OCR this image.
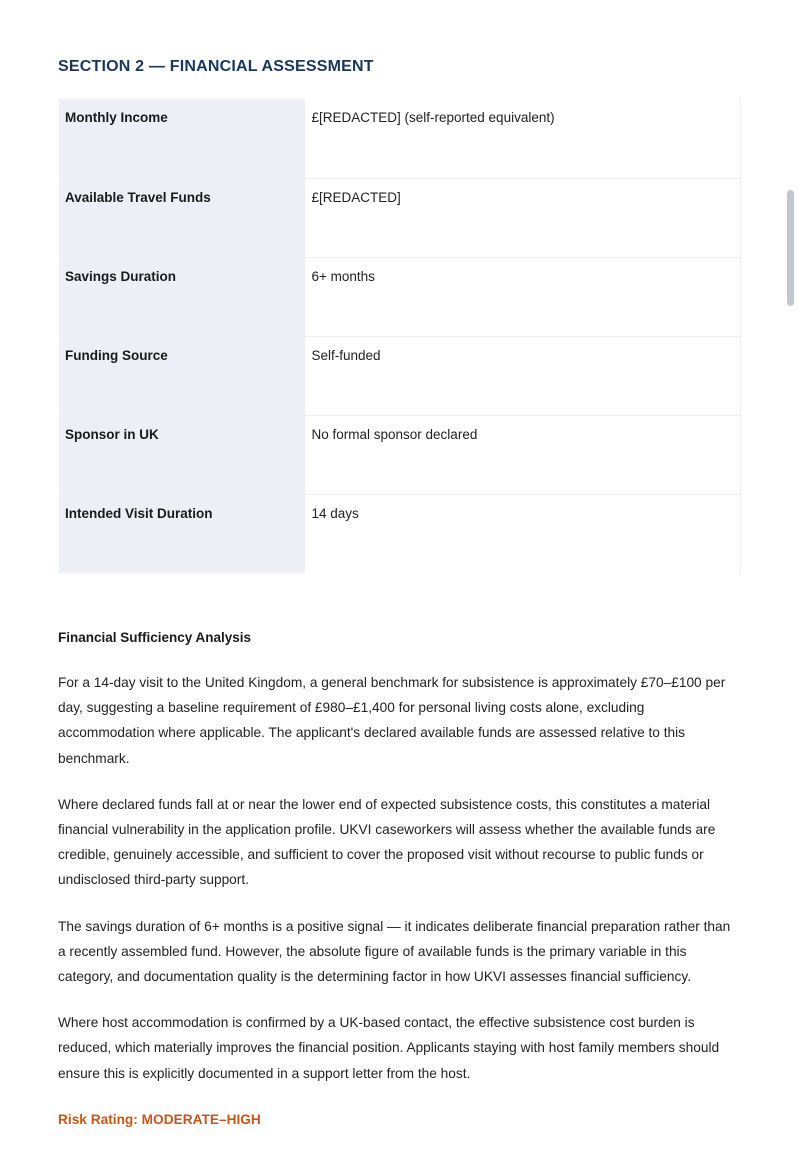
SECTION 2 — FINANCIAL ASSESSMENT
Monthly Income	£[REDACTED] (self-reported equivalent)
Available Travel Funds	£[REDACTED]
Savings Duration	6+ months
Funding Source	Self-funded
Sponsor in UK	No formal sponsor declared
Intended Visit Duration	14 days
Financial Sufficiency Analysis

For a 14-day visit to the United Kingdom, a general benchmark for subsistence is approximately £70–£100 per day, suggesting a baseline requirement of £980–£1,400 for personal living costs alone, excluding accommodation where applicable. The applicant's declared available funds are assessed relative to this benchmark.

Where declared funds fall at or near the lower end of expected subsistence costs, this constitutes a material financial vulnerability in the application profile. UKVI caseworkers will assess whether the available funds are credible, genuinely accessible, and sufficient to cover the proposed visit without recourse to public funds or undisclosed third-party support.

The savings duration of 6+ months is a positive signal — it indicates deliberate financial preparation rather than a recently assembled fund. However, the absolute figure of available funds is the primary variable in this category, and documentation quality is the determining factor in how UKVI assesses financial sufficiency.

Where host accommodation is confirmed by a UK-based contact, the effective subsistence cost burden is reduced, which materially improves the financial position. Applicants staying with host family members should ensure this is explicitly documented in a support letter from the host.

Risk Rating: MODERATE–HIGH
